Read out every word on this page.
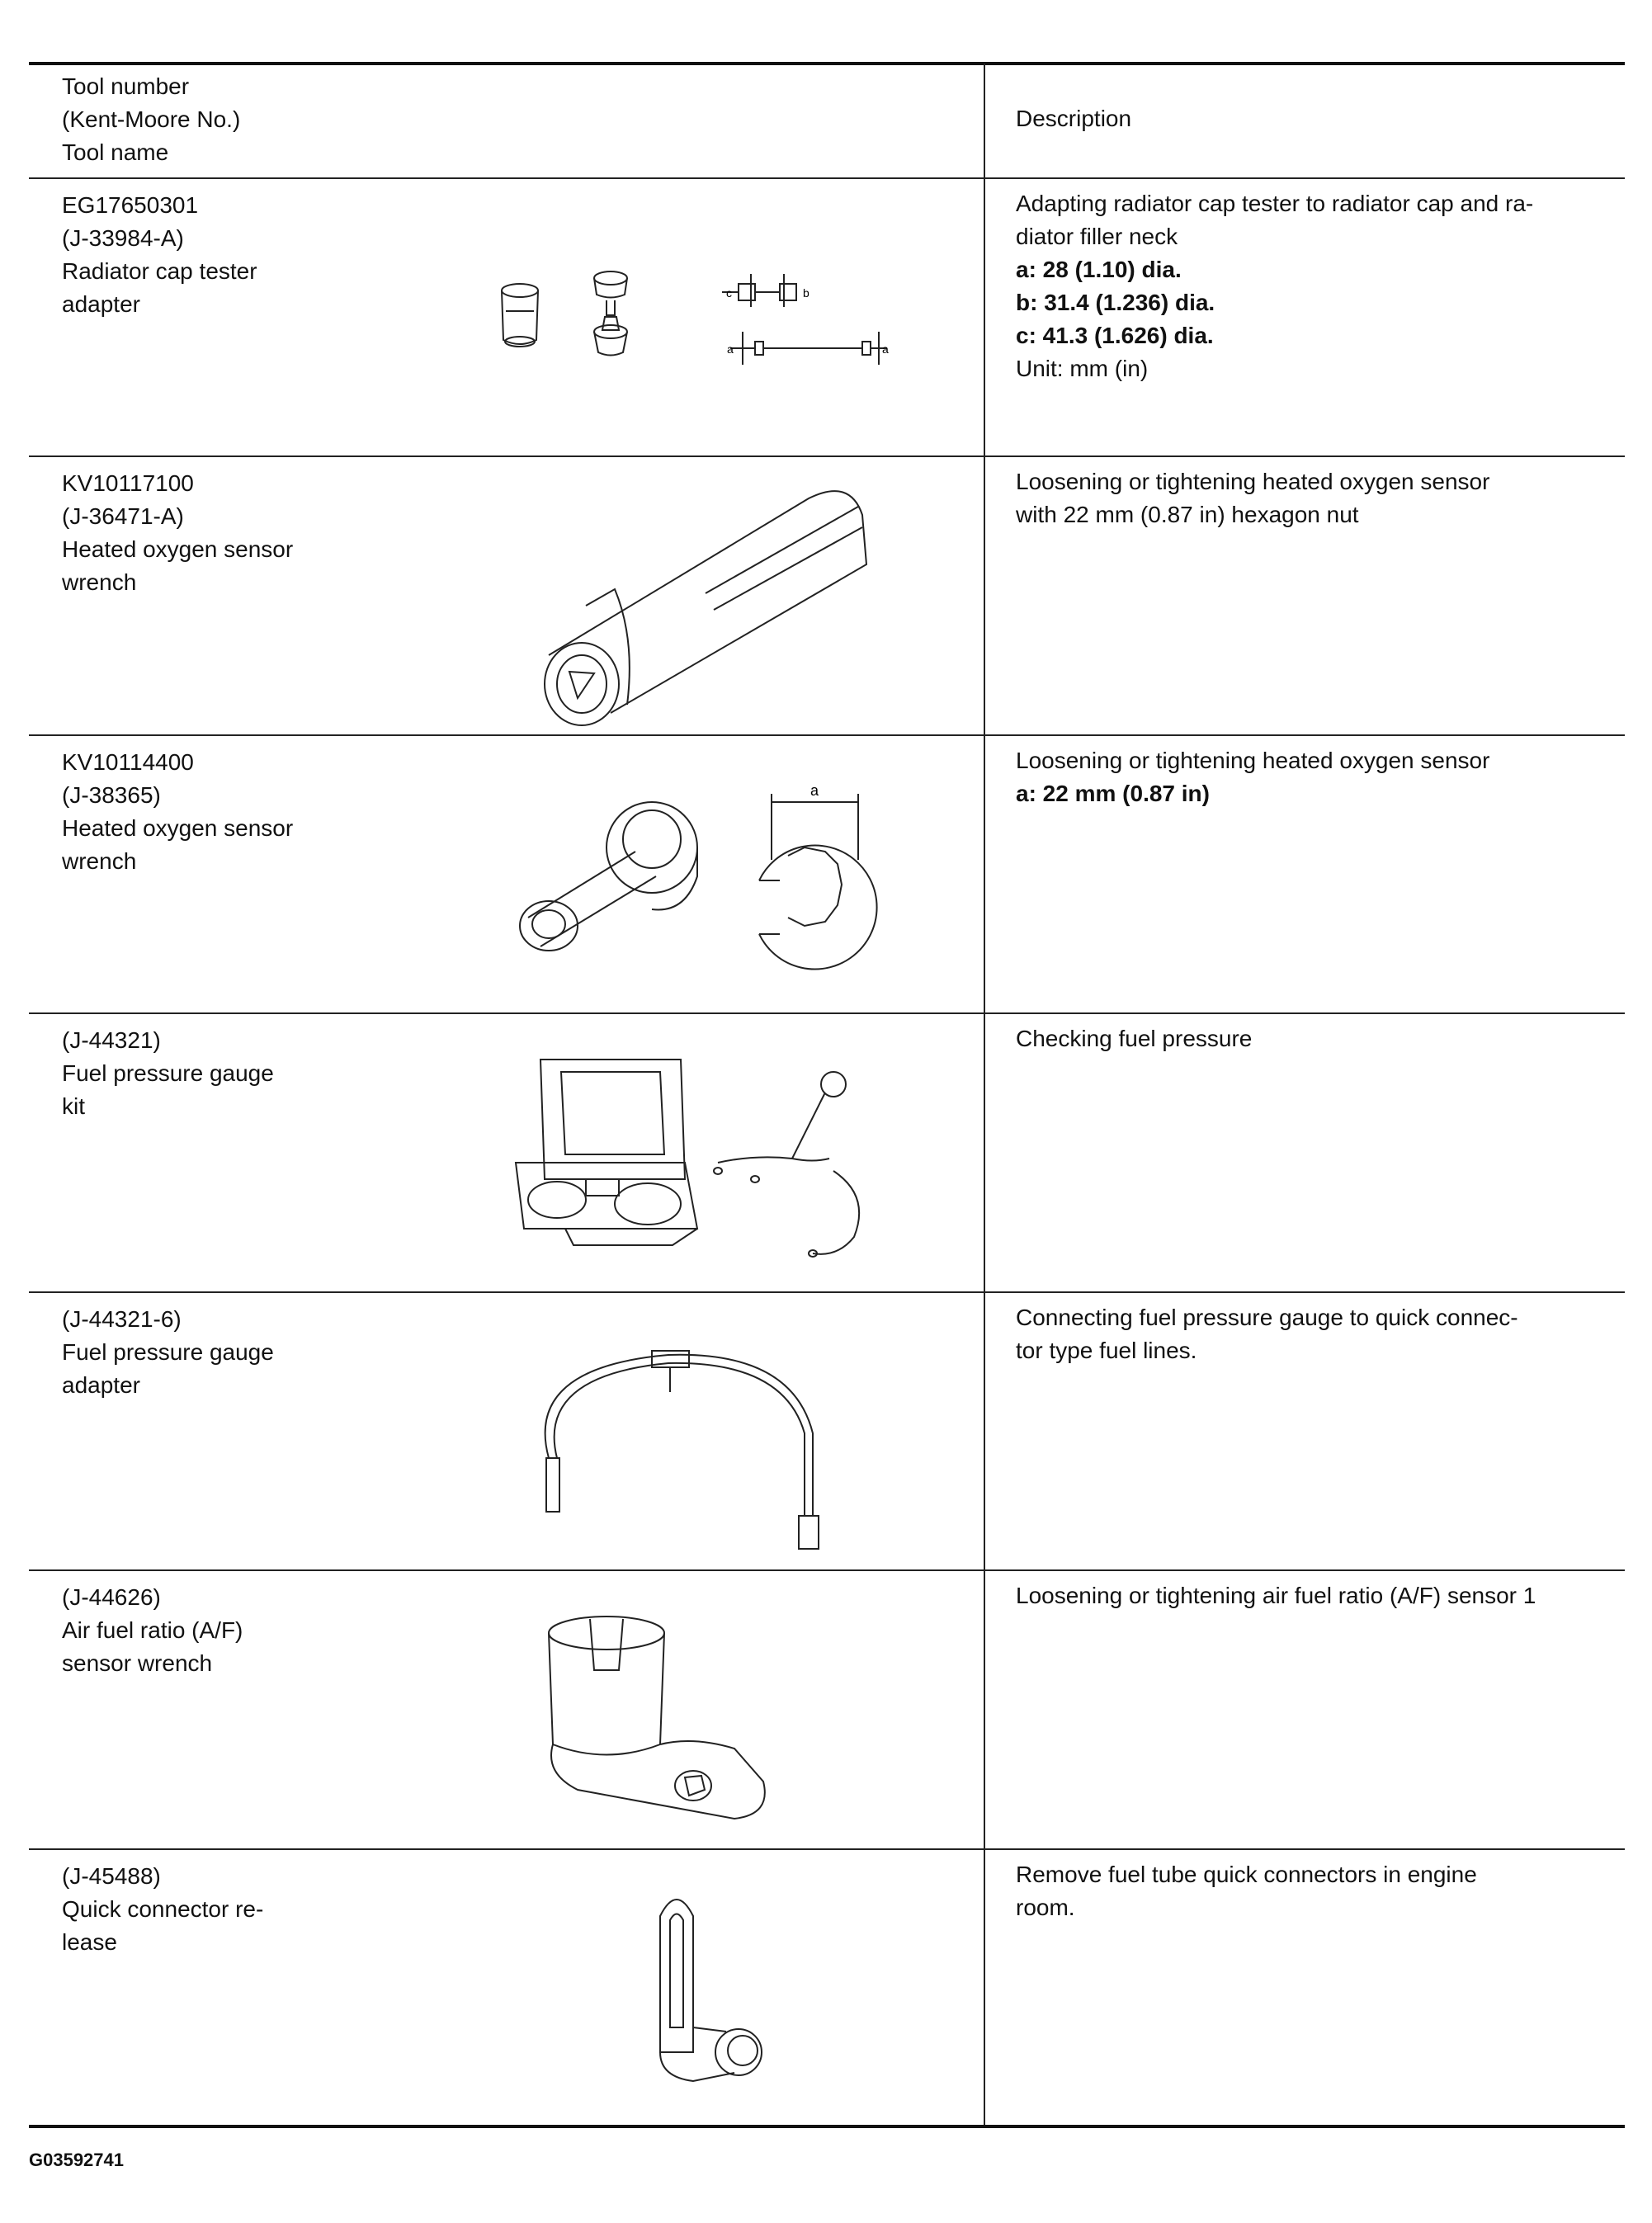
Tool number
(Kent-Moore No.)
Tool name
Description
EG17650301
(J-33984-A)
Radiator cap tester
adapter
Adapting radiator cap tester to radiator cap and ra-
diator filler neck
a: 28 (1.10) dia.
b: 31.4 (1.236) dia.
c: 41.3 (1.626) dia.
Unit: mm (in)
c	b
a	a
KV10117100
(J-36471-A)
Heated oxygen sensor
wrench
Loosening or tightening heated oxygen sensor
with 22 mm (0.87 in) hexagon nut
KV10114400
(J-38365)
Heated oxygen sensor
wrench
Loosening or tightening heated oxygen sensor
a: 22 mm (0.87 in)
a
(J-44321)
Fuel pressure gauge
kit
Checking fuel pressure
(J-44321-6)
Fuel pressure gauge
adapter
Connecting fuel pressure gauge to quick connec-
tor type fuel lines.
(J-44626)
Air fuel ratio (A/F)
sensor wrench
Loosening or tightening air fuel ratio (A/F) sensor 1
(J-45488)
Quick connector re-
lease
Remove fuel tube quick connectors in engine
room.
G03592741
